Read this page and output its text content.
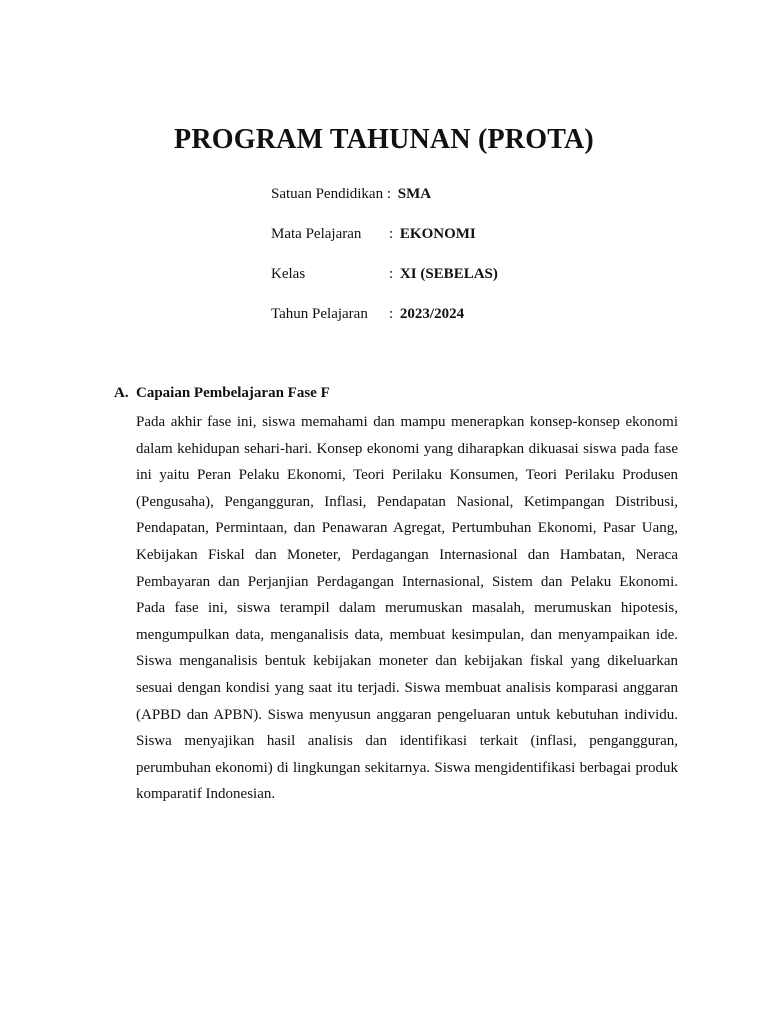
PROGRAM TAHUNAN (PROTA)
Satuan Pendidikan : SMA
Mata Pelajaran : EKONOMI
Kelas	: XI (SEBELAS)
Tahun Pelajaran : 2023/2024
A. Capaian Pembelajaran Fase F
Pada akhir fase ini, siswa memahami dan mampu menerapkan konsep-konsep ekonomi
dalam kehidupan sehari-hari. Konsep ekonomi yang diharapkan dikuasai siswa pada fase
ini yaitu Peran Pelaku Ekonomi, Teori Perilaku Konsumen, Teori Perilaku Produsen
(Pengusaha), Pengangguran, Inflasi, Pendapatan Nasional, Ketimpangan Distribusi,
Pendapatan, Permintaan, dan Penawaran Agregat, Pertumbuhan Ekonomi, Pasar Uang,
Kebijakan Fiskal dan Moneter, Perdagangan Internasional dan Hambatan, Neraca
Pembayaran dan Perjanjian Perdagangan Internasional, Sistem dan Pelaku Ekonomi.
Pada fase ini, siswa terampil dalam merumuskan masalah, merumuskan hipotesis,
mengumpulkan data, menganalisis data, membuat kesimpulan, dan menyampaikan ide.
Siswa menganalisis bentuk kebijakan moneter dan kebijakan fiskal yang dikeluarkan
sesuai dengan kondisi yang saat itu terjadi. Siswa membuat analisis komparasi anggaran
(APBD dan APBN). Siswa menyusun anggaran pengeluaran untuk kebutuhan individu.
Siswa menyajikan hasil analisis dan identifikasi terkait (inflasi, pengangguran,
perumbuhan ekonomi) di lingkungan sekitarnya. Siswa mengidentifikasi berbagai produk
komparatif Indonesian.
